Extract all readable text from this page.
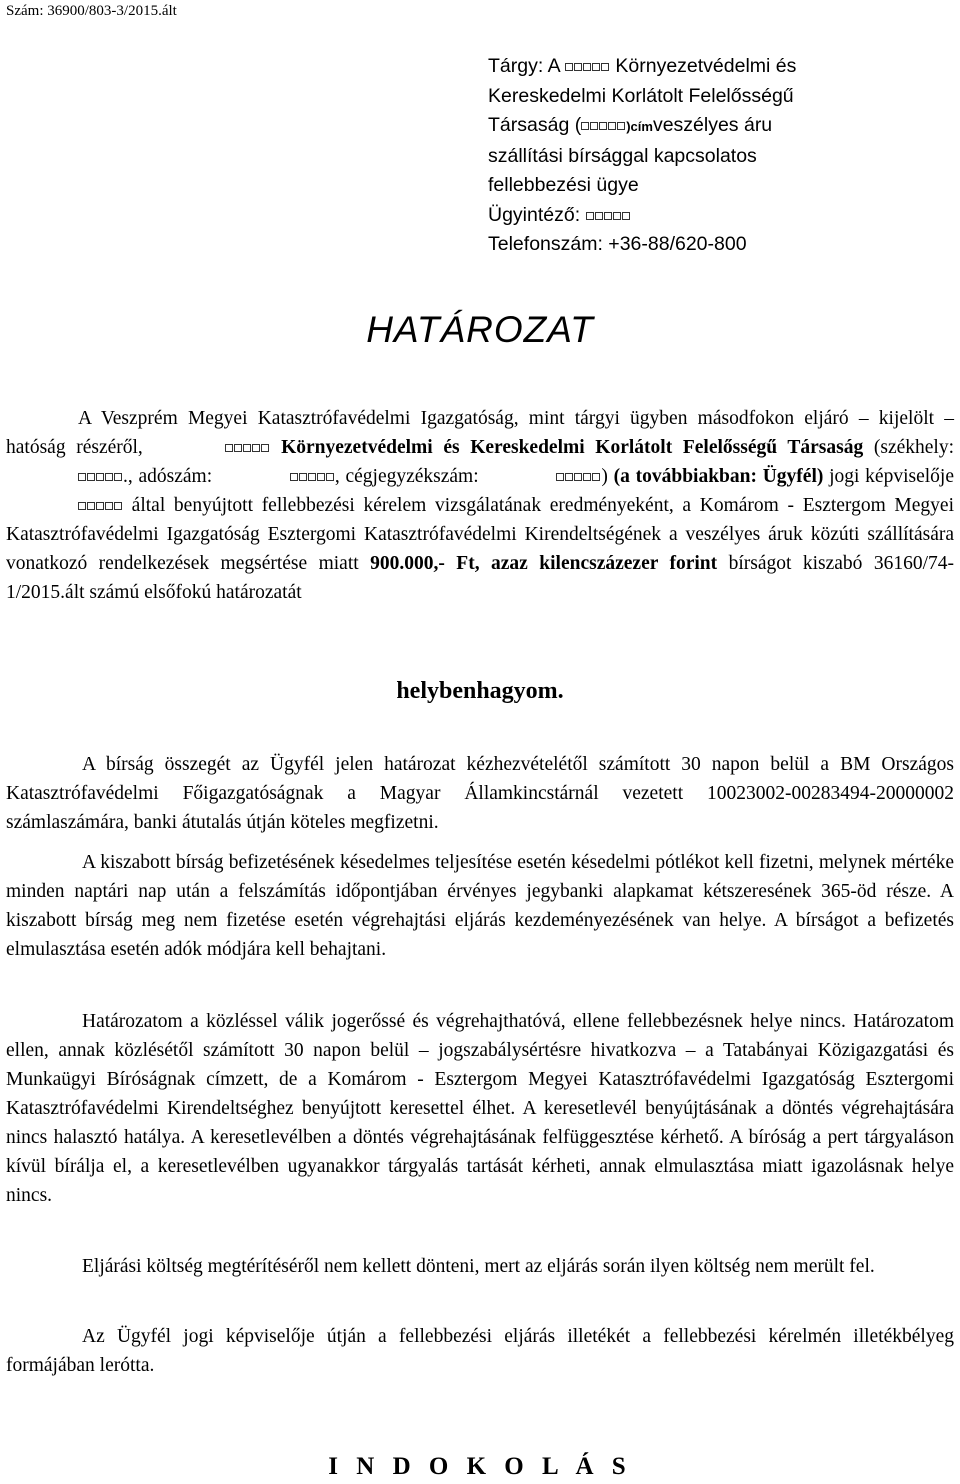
Szám: 36900/803-3/2015.ált
Tárgy: A	Környezetvédelmi és
Kereskedelmi Korlátolt Felelősségű
Társaság (	)címveszélyes áru
szállítási bírsággal kapcsolatos
fellebbezési ügye
Ügyintéző:
Telefonszám: +36-88/620-800
HATÁROZAT

A Veszprém Megyei Katasztrófavédelmi Igazgatóság, mint tárgyi ügyben másodfokon eljáró – kijelölt – hatóság részéről,	Környezetvédelmi és Kereskedelmi Korlátolt Felelősségű Társaság (székhely: ., adószám:	, cégjegyzékszám:	) (a továbbiakban: Ügyfél) jogi képviselője  által benyújtott fellebbezési kérelem vizsgálatának eredményeként, a Komárom - Esztergom Megyei Katasztrófavédelmi Igazgatóság Esztergomi Katasztrófavédelmi Kirendeltségének a veszélyes áruk közúti szállítására vonatkozó rendelkezések megsértése miatt 900.000,- Ft, azaz kilencszázezer forint bírságot kiszabó 36160/74-1/2015.ált számú elsőfokú határozatát

helybenhagyom.

A bírság összegét az Ügyfél jelen határozat kézhezvételétől számított 30 napon belül a BM Országos Katasztrófavédelmi Főigazgatóságnak a Magyar Államkincstárnál vezetett 10023002-00283494-20000002 számlaszámára, banki átutalás útján köteles megfizetni.

A kiszabott bírság befizetésének késedelmes teljesítése esetén késedelmi pótlékot kell fizetni, melynek mértéke minden naptári nap után a felszámítás időpontjában érvényes jegybanki alapkamat kétszeresének 365-öd része. A kiszabott bírság meg nem fizetése esetén végrehajtási eljárás kezdeményezésének van helye. A bírságot a befizetés elmulasztása esetén adók módjára kell behajtani.

Határozatom a közléssel válik jogerőssé és végrehajthatóvá, ellene fellebbezésnek helye nincs. Határozatom ellen, annak közlésétől számított 30 napon belül – jogszabálysértésre hivatkozva – a Tatabányai Közigazgatási és Munkaügyi Bíróságnak címzett, de a Komárom - Esztergom Megyei Katasztrófavédelmi Igazgatóság Esztergomi Katasztrófavédelmi Kirendeltséghez benyújtott keresettel élhet. A keresetlevél benyújtásának a döntés végrehajtására nincs halasztó hatálya. A keresetlevélben a döntés végrehajtásának felfüggesztése kérhető. A bíróság a pert tárgyaláson kívül bírálja el, a keresetlevélben ugyanakkor tárgyalás tartását kérheti, annak elmulasztása miatt igazolásnak helye nincs.

Eljárási költség megtérítéséről nem kellett dönteni, mert az eljárás során ilyen költség nem merült fel.

Az Ügyfél jogi képviselője útján a fellebbezési eljárás illetékét a fellebbezési kérelmén illetékbélyeg formájában lerótta.

I N D O K O L Á S
